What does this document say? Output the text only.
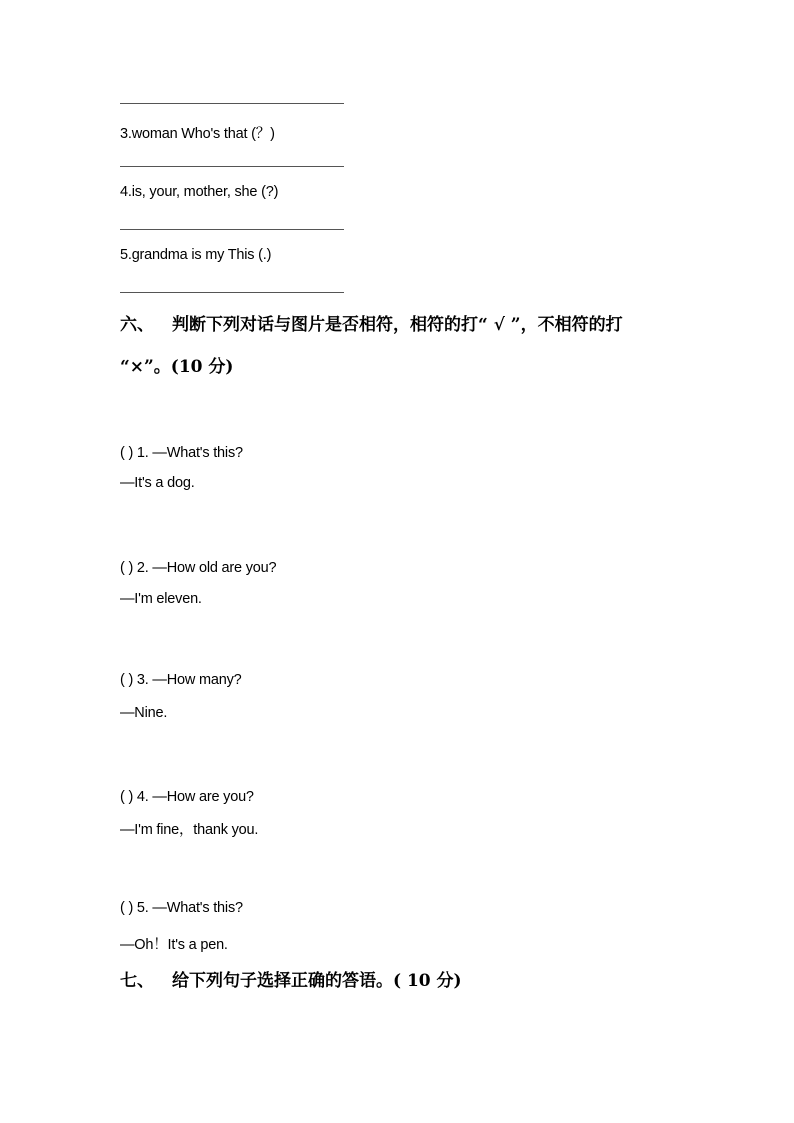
3.woman Who's that (？)
4.is, your, mother, she (?)
5.grandma is my This (.)
六、 判断下列对话与图片是否相符，相符的打“ √ ”，不相符的打
“×”。(10 分)
( ) 1. —What's this?
—It's a dog.
( ) 2. —How old are you?
—I'm eleven.
( ) 3. —How many?
—Nine.
( ) 4. —How are you?
—I'm fine，thank you.
( ) 5. —What's this?
—Oh！It's a pen.
七、 给下列句子选择正确的答语。( 10 分)
